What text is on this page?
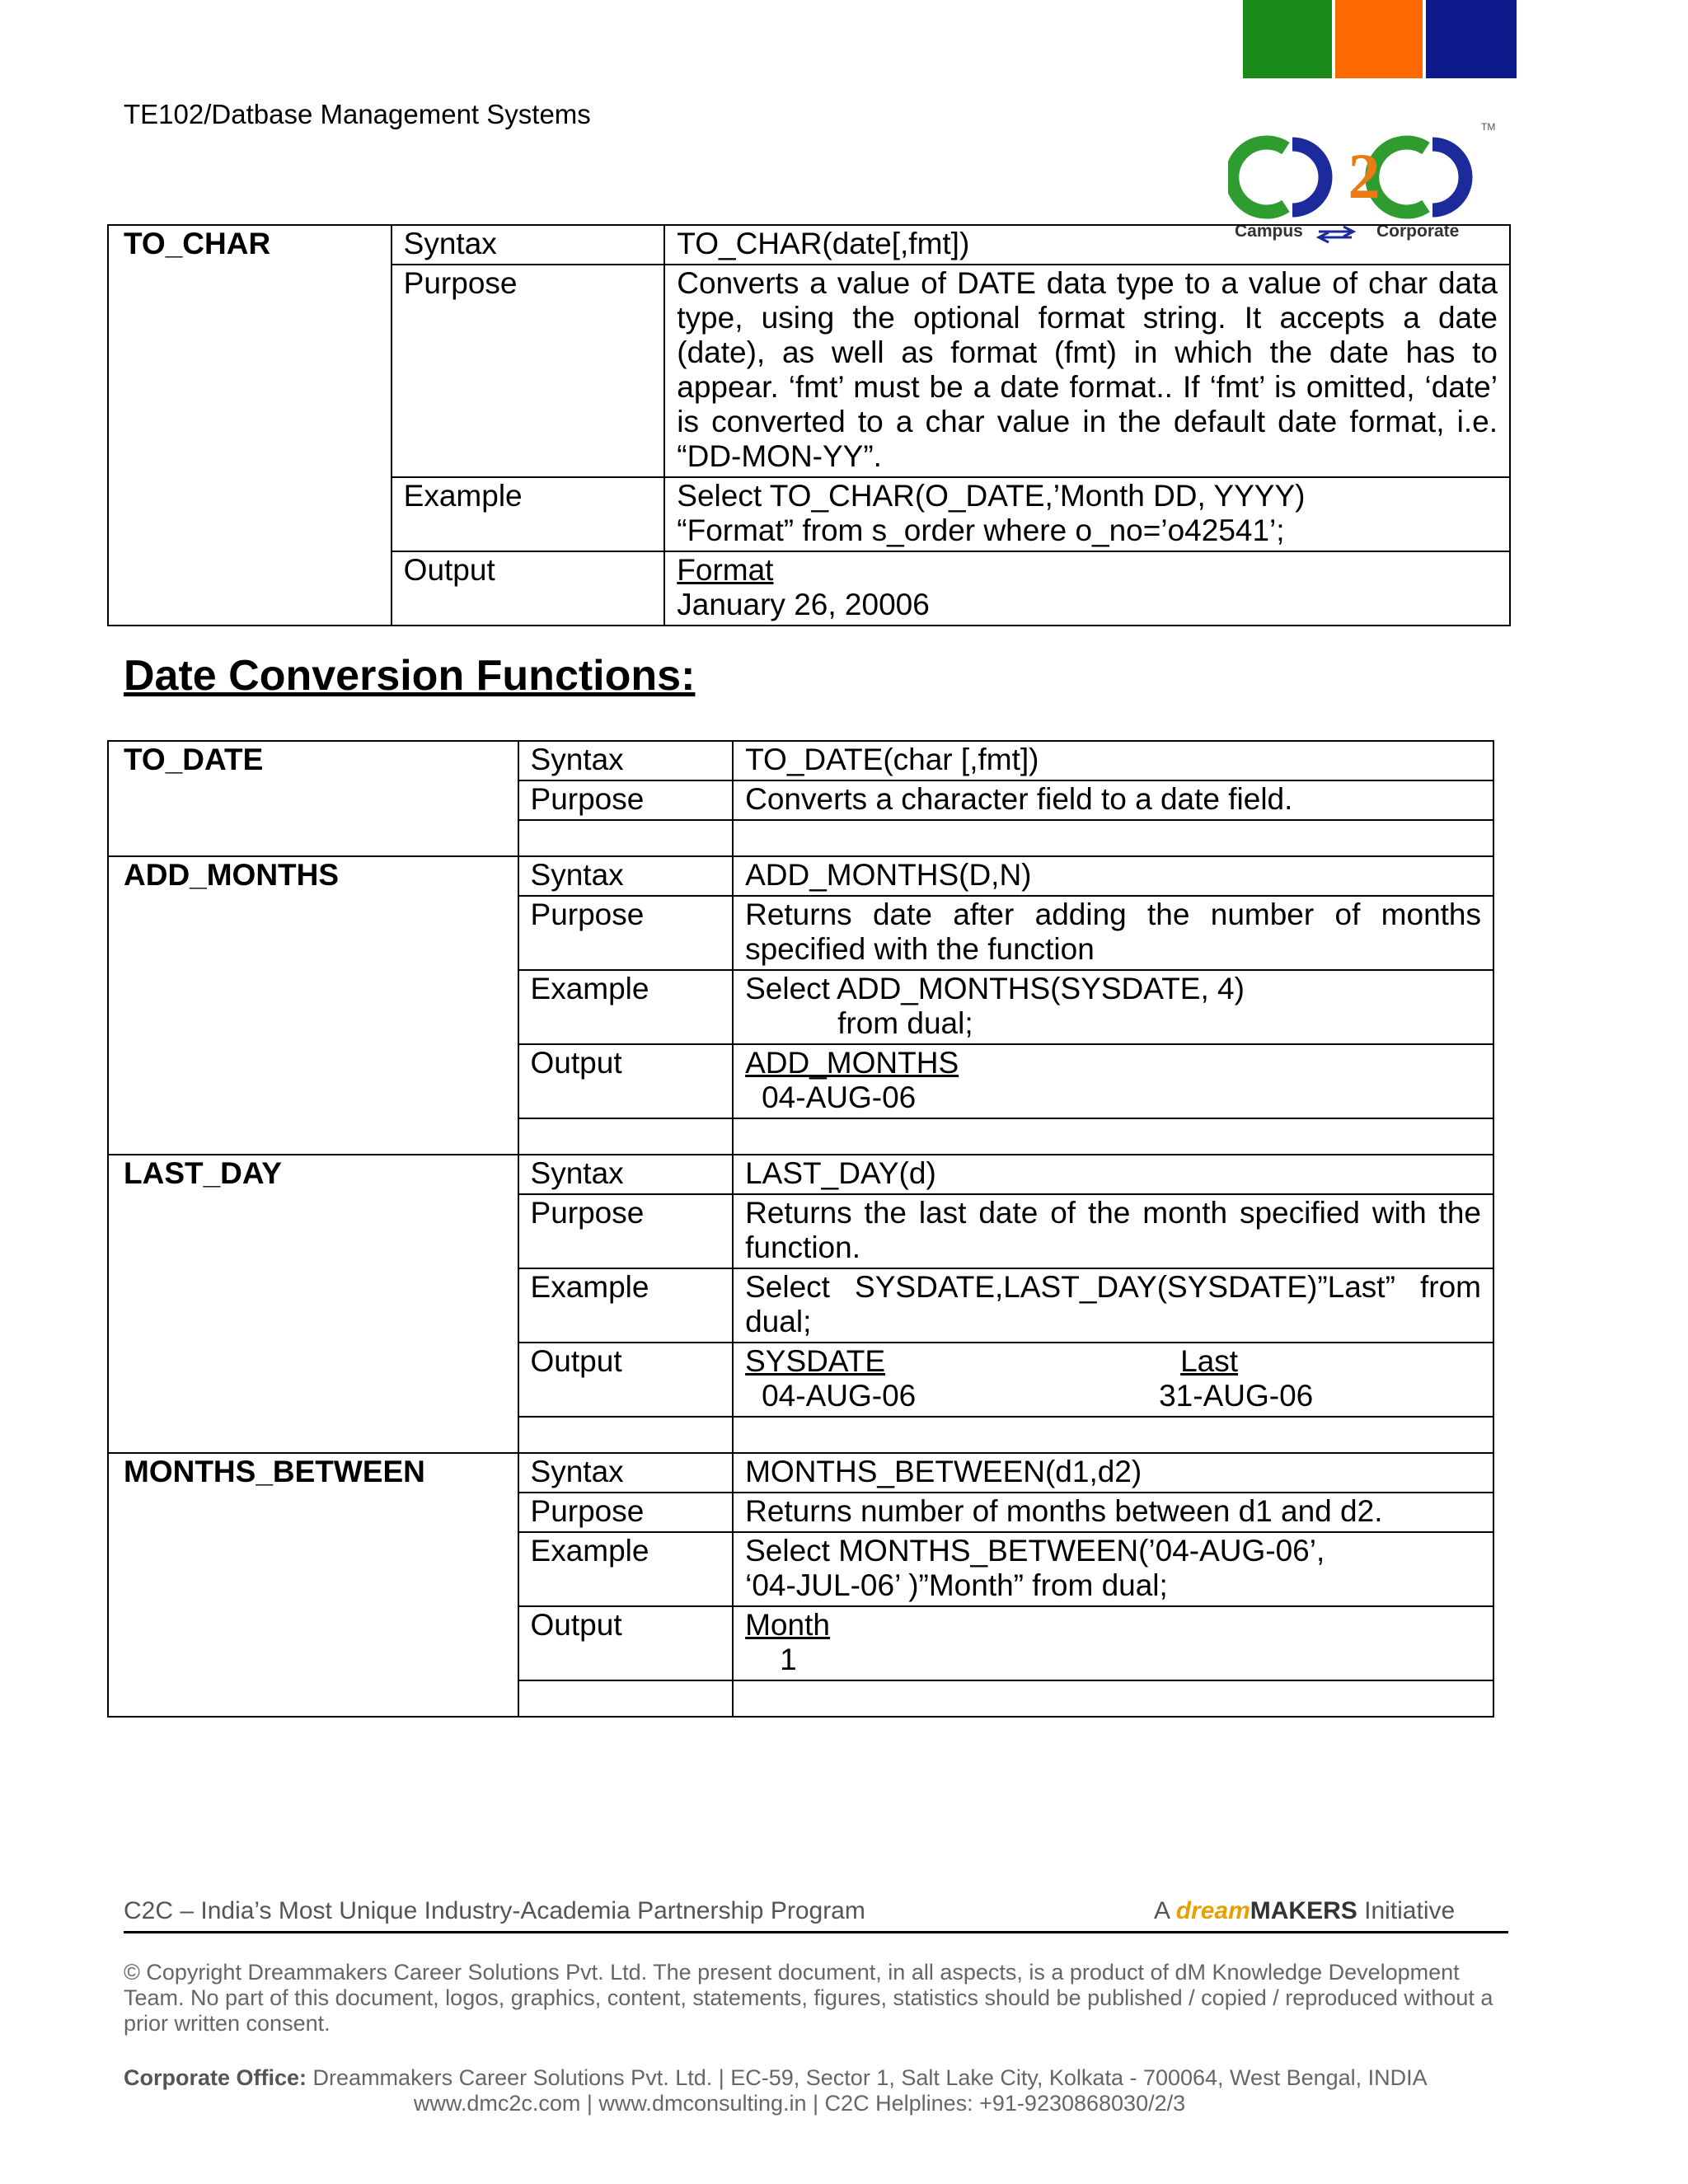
TE102/Datbase Management Systems
2
TM
Campus	Corporate
TO_CHAR	Syntax	TO_CHAR(date[,fmt])
	Purpose	Converts a value of DATE data type to a value of char data type, using the optional format string. It accepts a date (date), as well as format (fmt) in which the date has to appear. ‘fmt’ must be a date format.. If ‘fmt’ is omitted, ‘date’ is converted to a char value in the default date format, i.e. “DD-MON-YY”.
	Example	Select TO_CHAR(O_DATE,’Month DD, YYYY)
“Format” from s_order where o_no=’o42541’;

	Output	Format
January 26, 20006
Date Conversion Functions:
TO_DATE	Syntax	TO_DATE(char [,fmt])
	Purpose	Converts a character field to a date field.

ADD_MONTHS	Syntax	ADD_MONTHS(D,N)
	Purpose	Returns date after adding the number of months specified with the function
	Example	Select ADD_MONTHS(SYSDATE, 4)
from dual;

	Output	ADD_MONTHS
04-AUG-06

LAST_DAY	Syntax	LAST_DAY(d)
	Purpose	Returns the last date of the month specified with the function.
	Example	Select SYSDATE,LAST_DAY(SYSDATE)”Last” from dual;
	Output	SYSDATE Last
04-AUG-06 31-AUG-06

MONTHS_BETWEEN	Syntax	MONTHS_BETWEEN(d1,d2)
	Purpose	Returns number of months between d1 and d2.
	Example	Select MONTHS_BETWEEN(’04-AUG-06’,
‘04-JUL-06’ )”Month” from dual;

	Output	Month
1

C2C – India’s Most Unique Industry-Academia Partnership Program	A dreamMAKERS Initiative
© Copyright Dreammakers Career Solutions Pvt. Ltd. The present document, in all aspects, is a product of dM Knowledge Development Team. No part of this document, logos, graphics, content, statements, figures, statistics should be published / copied / reproduced without a prior written consent.
Corporate Office: Dreammakers Career Solutions Pvt. Ltd. | EC-59, Sector 1, Salt Lake City, Kolkata - 700064, West Bengal, INDIA
www.dmc2c.com | www.dmconsulting.in | C2C Helplines: +91-9230868030/2/3
